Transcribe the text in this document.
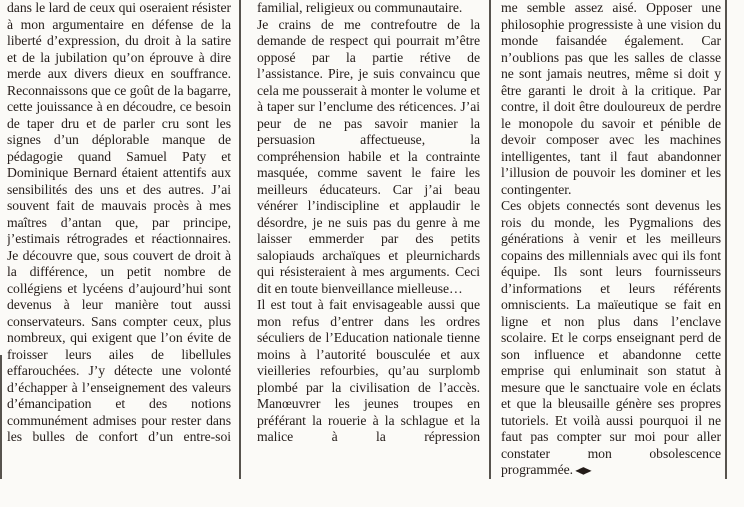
dans le lard de ceux qui oseraient résister à mon argumentaire en défense de la liberté d’expression, du droit à la satire et de la jubilation qu’on éprouve à dire merde aux divers dieux en souffrance. Reconnaissons que ce goût de la bagarre, cette jouissance à en découdre, ce besoin de taper dru et de parler cru sont les signes d’un déplorable manque de pédagogie quand Samuel Paty et Dominique Bernard étaient attentifs aux sensibilités des uns et des autres. J’ai souvent fait de mauvais procès à mes maîtres d’antan que, par principe, j’estimais rétrogrades et réactionnaires. Je découvre que, sous couvert de droit à la différence, un petit nombre de collégiens et lycéens d’aujourd’hui sont devenus à leur manière tout aussi conservateurs. Sans compter ceux, plus nombreux, qui exigent que l’on évite de froisser leurs ailes de libellules effarouchées. J’y détecte une volonté d’échapper à l’enseignement des valeurs d’émancipation et des notions communément admises pour rester dans les bulles de confort d’un entre-soi

familial, religieux ou communautaire.

Je crains de me contrefoutre de la demande de respect qui pourrait m’être opposé par la partie rétive de l’assistance. Pire, je suis convaincu que cela me pousserait à monter le volume et à taper sur l’enclume des réticences. J’ai peur de ne pas savoir manier la persuasion affectueuse, la compréhension habile et la contrainte masquée, comme savent le faire les meilleurs éducateurs. Car j’ai beau vénérer l’indiscipline et applaudir le désordre, je ne suis pas du genre à me laisser emmerder par des petits salopiauds archaïques et pleurnichards qui résisteraient à mes arguments. Ceci dit en toute bienveillance mielleuse…

Il est tout à fait envisageable aussi que mon refus d’entrer dans les ordres séculiers de l’Education nationale tienne moins à l’autorité bousculée et aux vieilleries refourbies, qu’au surplomb plombé par la civilisation de l’accès. Manœuvrer les jeunes troupes en préférant la rouerie à la schlague et la malice à la répression

me semble assez aisé. Opposer une philosophie progressiste à une vision du monde faisandée également. Car n’oublions pas que les salles de classe ne sont jamais neutres, même si doit y être garanti le droit à la critique. Par contre, il doit être douloureux de perdre le monopole du savoir et pénible de devoir composer avec les machines intelligentes, tant il faut abandonner l’illusion de pouvoir les dominer et les contingenter.

Ces objets connectés sont devenus les rois du monde, les Pygmalions des générations à venir et les meilleurs copains des millennials avec qui ils font équipe. Ils sont leurs fournisseurs d’informations et leurs référents omniscients. La maïeutique se fait en ligne et non plus dans l’enclave scolaire. Et le corps enseignant perd de son influence et abandonne cette emprise qui enluminait son statut à mesure que le sanctuaire vole en éclats et que la bleusaille génère ses propres tutoriels. Et voilà aussi pourquoi il ne faut pas compter sur moi pour aller constater mon obsolescence programmée. ◆
